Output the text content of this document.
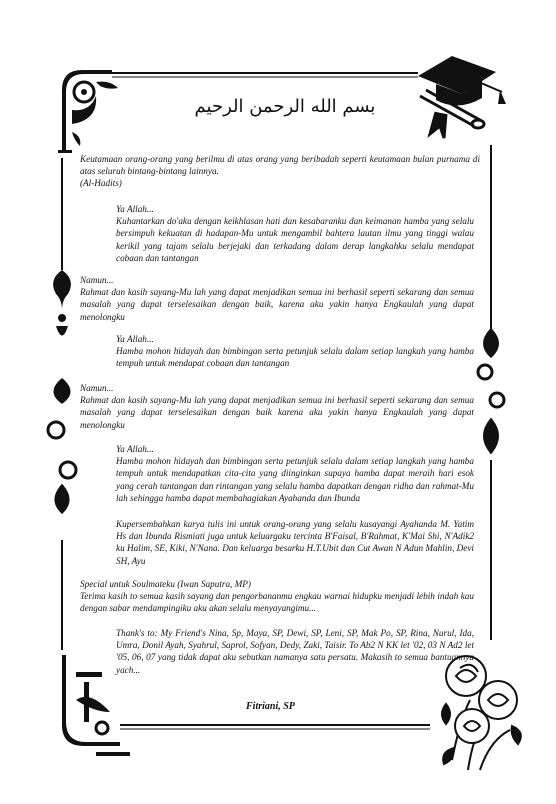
بسم الله الرحمن الرحيم

Keutamaan orang-orang yang berilmu di atas orang yang beribadah seperti keutamaan bulan purnama di atas seluruh bintang-bintang lainnya.

(Al-Hadits)

Ya Allah...

Kuhantarkan do'aku dengan keikhlasan hati dan kesabaranku dan keimanan hamba yang selalu bersimpuh kekuatan di hadapan-Mu untuk mengambil bahtera lautan ilmu yang tinggi walau kerikil yang tajam selalu berjejaki dan terkadang dalam derap langkahku selalu mendapat cobaan dan tantangan

Namun...

Rahmat dan kasih sayang-Mu lah yang dapat menjadikan semua ini berhasil seperti sekarang dan semua masalah yang dapat terselesaikan dengan baik, karena aku yakin hanya Engkaulah yang dapat menolongku

Ya Allah...

Hamba mohon hidayah dan bimbingan serta petunjuk selalu dalam setiap langkah yang hamba tempuh untuk mendapat cobaan dan tantangan

Namun...

Rahmat dan kasih sayang-Mu lah yang dapat menjadikan semua ini berhasil seperti sekarang dan semua masalah yang dapat terselesaikan dengan baik karena aku yakin hanya Engkaulah yang dapat menolongku

Ya Allah...

Hamba mohon hidayah dan bimbingan serta petunjuk selalu dalam setiap langkah yang hamba tempuh untuk mendapatkan cita-cita yang diinginkan supaya hamba dapat meraih hari esok yang cerah tantangan dan rintangan yang selalu hamba dapatkan dengan ridha dan rahmat-Mu lah sehingga hamba dapat membahagiakan Ayahanda dan Ibunda

Kupersembahkan karya tulis ini untuk orang-orang yang selalu kusayangi Ayahanda M. Yatim Hs dan Ibunda Rismiati juga untuk keluargaku tercinta B'Faisal, B'Rahmat, K'Mai Shi, N'Adik2 ku Halim, SE, Kiki, N'Nana. Dan keluarga besarku H.T.Ubit dan Cut Awan N Adun Mahlin, Devi SH, Ayu

Special untuk Soulmateku (Iwan Saputra, MP)

Terima kasih to semua kasih sayang dan pengorbananmu engkau warnai hidupku menjadi lebih indah kau dengan sabar mendampingiku aku akan selalu menyayangimu...

Thank's to: My Friend's Nina, Sp, Maya, SP, Dewi, SP, Leni, SP, Mak Po, SP, Rina, Nurul, Ida, Umra, Donil Ayah, Syahrul, Saprol, Sofyan, Dedy, Zaki, Taisir. To Ab2 N KK let '02, 03 N Ad2 let '05, 06, 07 yang tidak dapat aku sebutkan namanya satu persatu. Makasih to semua bantuannya yach...

Fitriani, SP
